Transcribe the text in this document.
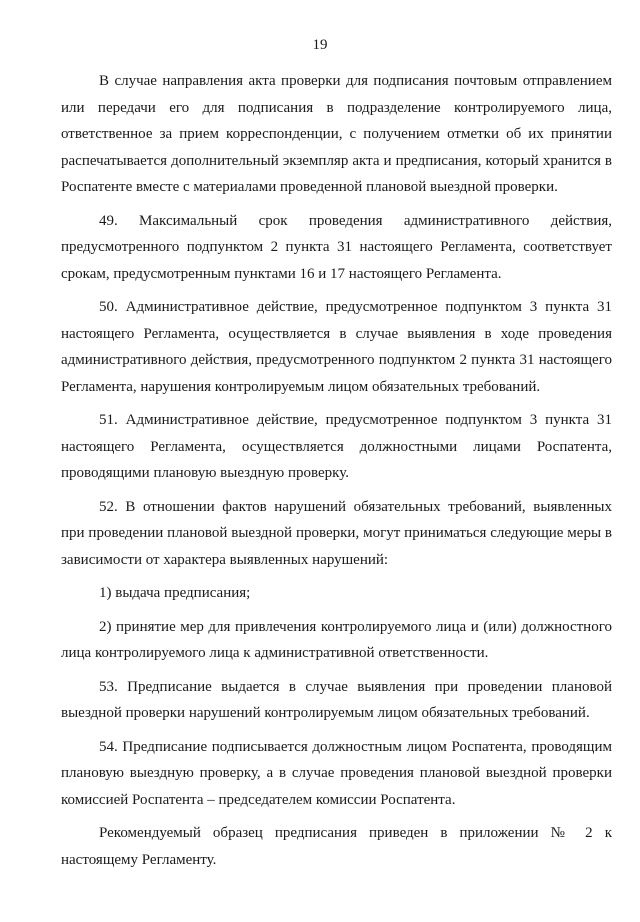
19

В случае направления акта проверки для подписания почтовым отправлением или передачи его для подписания в подразделение контролируемого лица, ответственное за прием корреспонденции, с получением отметки об их принятии распечатывается дополнительный экземпляр акта и предписания, который хранится в Роспатенте вместе с материалами проведенной плановой выездной проверки.

49. Максимальный срок проведения административного действия, предусмотренного подпунктом 2 пункта 31 настоящего Регламента, соответствует срокам, предусмотренным пунктами 16 и 17 настоящего Регламента.

50. Административное действие, предусмотренное подпунктом 3 пункта 31 настоящего Регламента, осуществляется в случае выявления в ходе проведения административного действия, предусмотренного подпунктом 2 пункта 31 настоящего Регламента, нарушения контролируемым лицом обязательных требований.

51. Административное действие, предусмотренное подпунктом 3 пункта 31 настоящего Регламента, осуществляется должностными лицами Роспатента, проводящими плановую выездную проверку.

52. В отношении фактов нарушений обязательных требований, выявленных при проведении плановой выездной проверки, могут приниматься следующие меры в зависимости от характера выявленных нарушений:

1) выдача предписания;

2) принятие мер для привлечения контролируемого лица и (или) должностного лица контролируемого лица к административной ответственности.

53. Предписание выдается в случае выявления при проведении плановой выездной проверки нарушений контролируемым лицом обязательных требований.

54. Предписание подписывается должностным лицом Роспатента, проводящим плановую выездную проверку, а в случае проведения плановой выездной проверки комиссией Роспатента – председателем комиссии Роспатента.

Рекомендуемый образец предписания приведен в приложении № 2 к настоящему Регламенту.
